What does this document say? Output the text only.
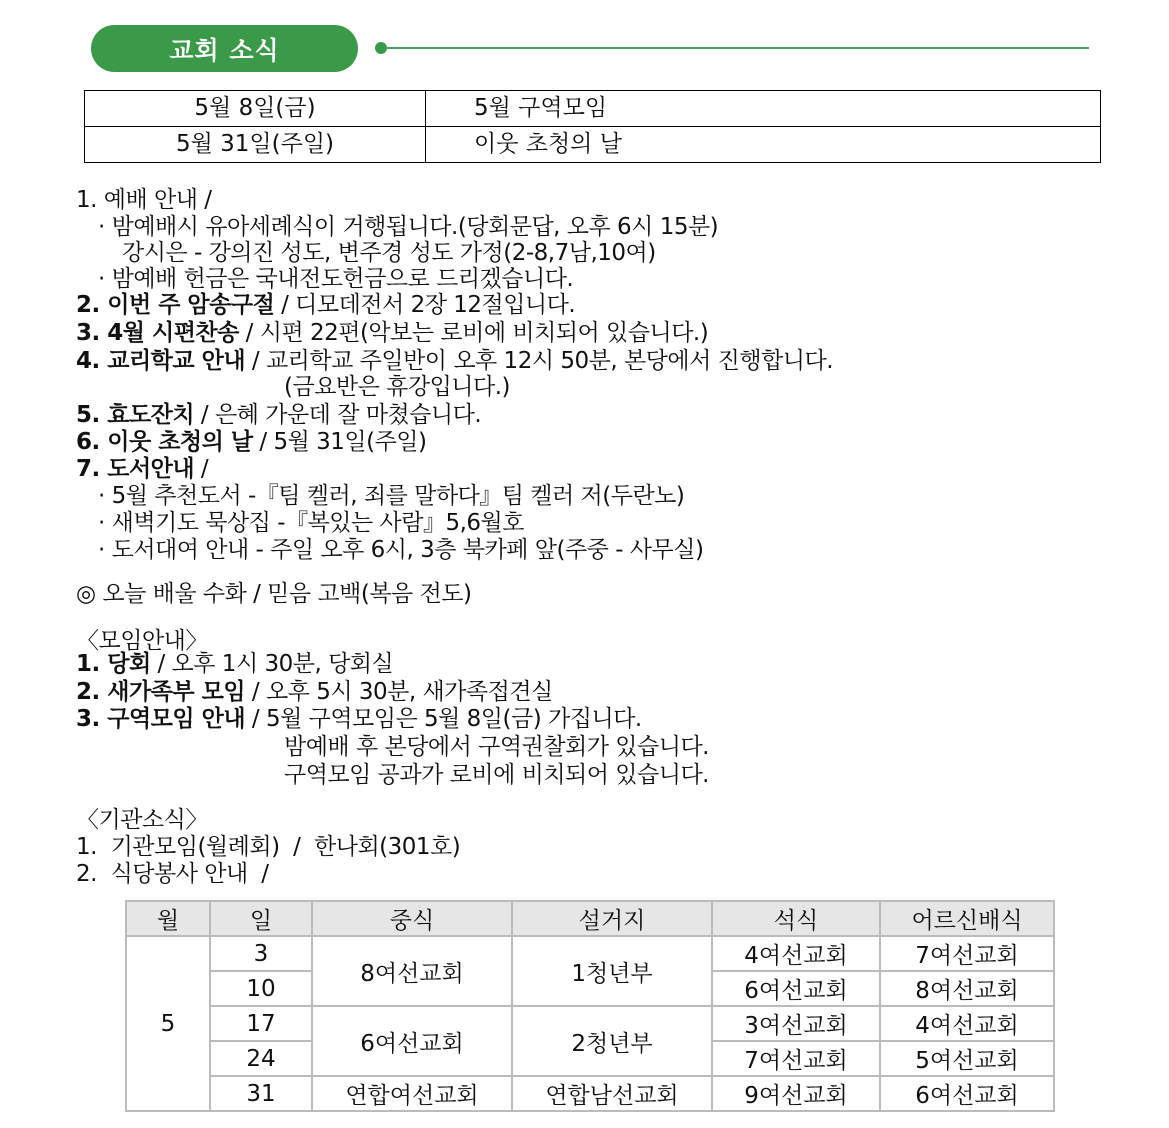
교회 소식
5월 8일(금)	5월 구역모임
5월 31일(주일)	이웃 초청의 날
1. 예배 안내 /
· 밤예배시 유아세례식이 거행됩니다.(당회문답, 오후 6시 15분)
강시은 - 강의진 성도, 변주경 성도 가정(2-8,7남,10여)
· 밤예배 헌금은 국내전도헌금으로 드리겠습니다.
2. 이번 주 암송구절 / 디모데전서 2장 12절입니다.
3. 4월 시편찬송 / 시편 22편(악보는 로비에 비치되어 있습니다.)
4. 교리학교 안내 / 교리학교 주일반이 오후 12시 50분, 본당에서 진행합니다.
(금요반은 휴강입니다.)
5. 효도잔치 / 은혜 가운데 잘 마쳤습니다.
6. 이웃 초청의 날 / 5월 31일(주일)
7. 도서안내 /
· 5월 추천도서 -『팀 켈러, 죄를 말하다』팀 켈러 저(두란노)
· 새벽기도 묵상집 -『복있는 사람』5,6월호
· 도서대여 안내 - 주일 오후 6시, 3층 북카페 앞(주중 - 사무실)
◎ 오늘 배울 수화 / 믿음 고백(복음 전도)

〈모임안내〉

1. 당회 / 오후 1시 30분, 당회실
2. 새가족부 모임 / 오후 5시 30분, 새가족접견실
3. 구역모임 안내 / 5월 구역모임은 5월 8일(금) 가집니다.
밤예배 후 본당에서 구역권찰회가 있습니다.
구역모임 공과가 로비에 비치되어 있습니다.

〈기관소식〉

1.  기관모임(월례회)  /  한나회(301호)
2.  식당봉사 안내  /
월	일	중식	설거지	석식	어르신배식
5	3	8여선교회	1청년부	4여선교회	7여선교회
	10			6여선교회	8여선교회
	17	6여선교회	2청년부	3여선교회	4여선교회
	24			7여선교회	5여선교회
	31	연합여선교회	연합남선교회	9여선교회	6여선교회
